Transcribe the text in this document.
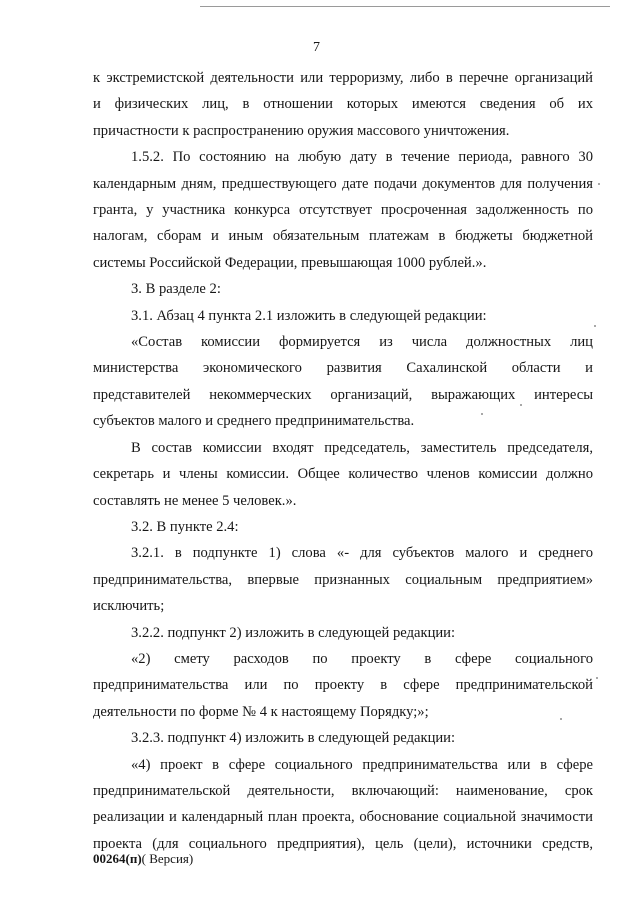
7
к экстремистской деятельности или терроризму, либо в перечне организаций
и физических лиц, в отношении которых имеются сведения об их
причастности к распространению оружия массового уничтожения.
1.5.2. По состоянию на любую дату в течение периода, равного 30
календарным дням, предшествующего дате подачи документов для получения
гранта, у участника конкурса отсутствует просроченная задолженность по
налогам, сборам и иным обязательным платежам в бюджеты бюджетной
системы Российской Федерации, превышающая 1000 рублей.».
3. В разделе 2:
3.1. Абзац 4 пункта 2.1 изложить в следующей редакции:
«Состав комиссии формируется из числа должностных лиц
министерства экономического развития Сахалинской области и
представителей некоммерческих организаций, выражающих интересы
субъектов малого и среднего предпринимательства.
В состав комиссии входят председатель, заместитель председателя,
секретарь и члены комиссии. Общее количество членов комиссии должно
составлять не менее 5 человек.».
3.2. В пункте 2.4:
3.2.1. в подпункте 1) слова «- для субъектов малого и среднего
предпринимательства, впервые признанных социальным предприятием»
исключить;
3.2.2. подпункт 2) изложить в следующей редакции:
«2) смету расходов по проекту в сфере социального
предпринимательства или по проекту в сфере предпринимательской
деятельности по форме № 4 к настоящему Порядку;»;
3.2.3. подпункт 4) изложить в следующей редакции:
«4) проект в сфере социального предпринимательства или в сфере
предпринимательской деятельности, включающий: наименование, срок
реализации и календарный план проекта, обоснование социальной значимости
проекта (для социального предприятия), цель (цели), источники средств,
00264(п)( Версия)
